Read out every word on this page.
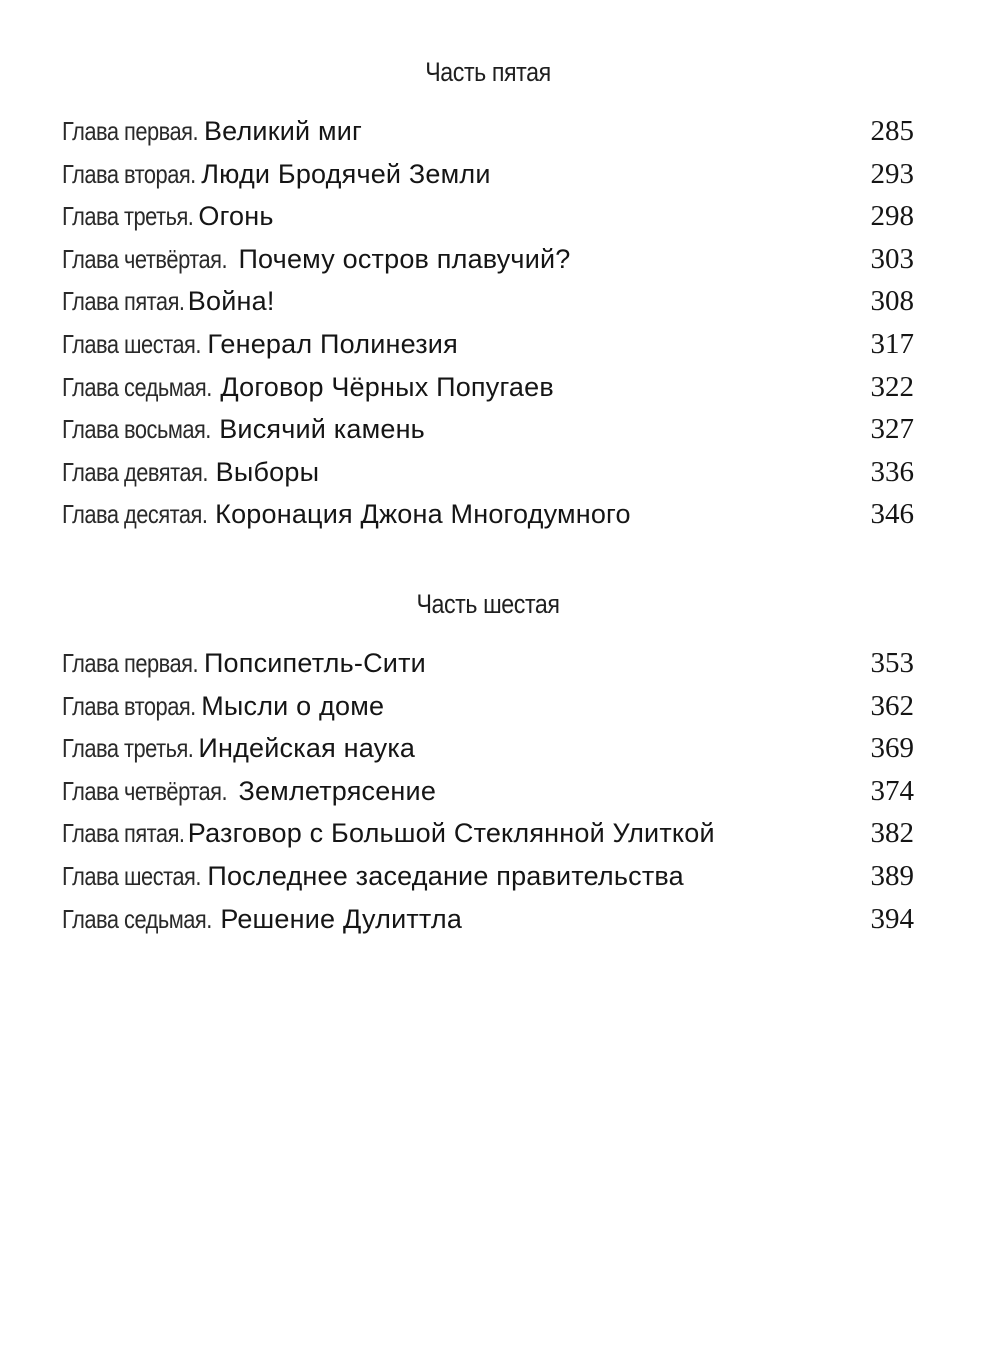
Часть пятая
Глава первая. Великий миг	285
Глава вторая. Люди Бродячей Земли	293
Глава третья. Огонь	298
Глава четвёртая. Почему остров плавучий?	303
Глава пятая. Война!	308
Глава шестая. Генерал Полинезия	317
Глава седьмая. Договор Чёрных Попугаев	322
Глава восьмая. Висячий камень	327
Глава девятая. Выборы	336
Глава десятая. Коронация Джона Многодумного	346
Часть шестая
Глава первая. Попсипетль-Сити	353
Глава вторая. Мысли о доме	362
Глава третья. Индейская наука	369
Глава четвёртая. Землетрясение	374
Глава пятая. Разговор с Большой Стеклянной Улиткой	382
Глава шестая. Последнее заседание правительства	389
Глава седьмая. Решение Дулиттла	394
